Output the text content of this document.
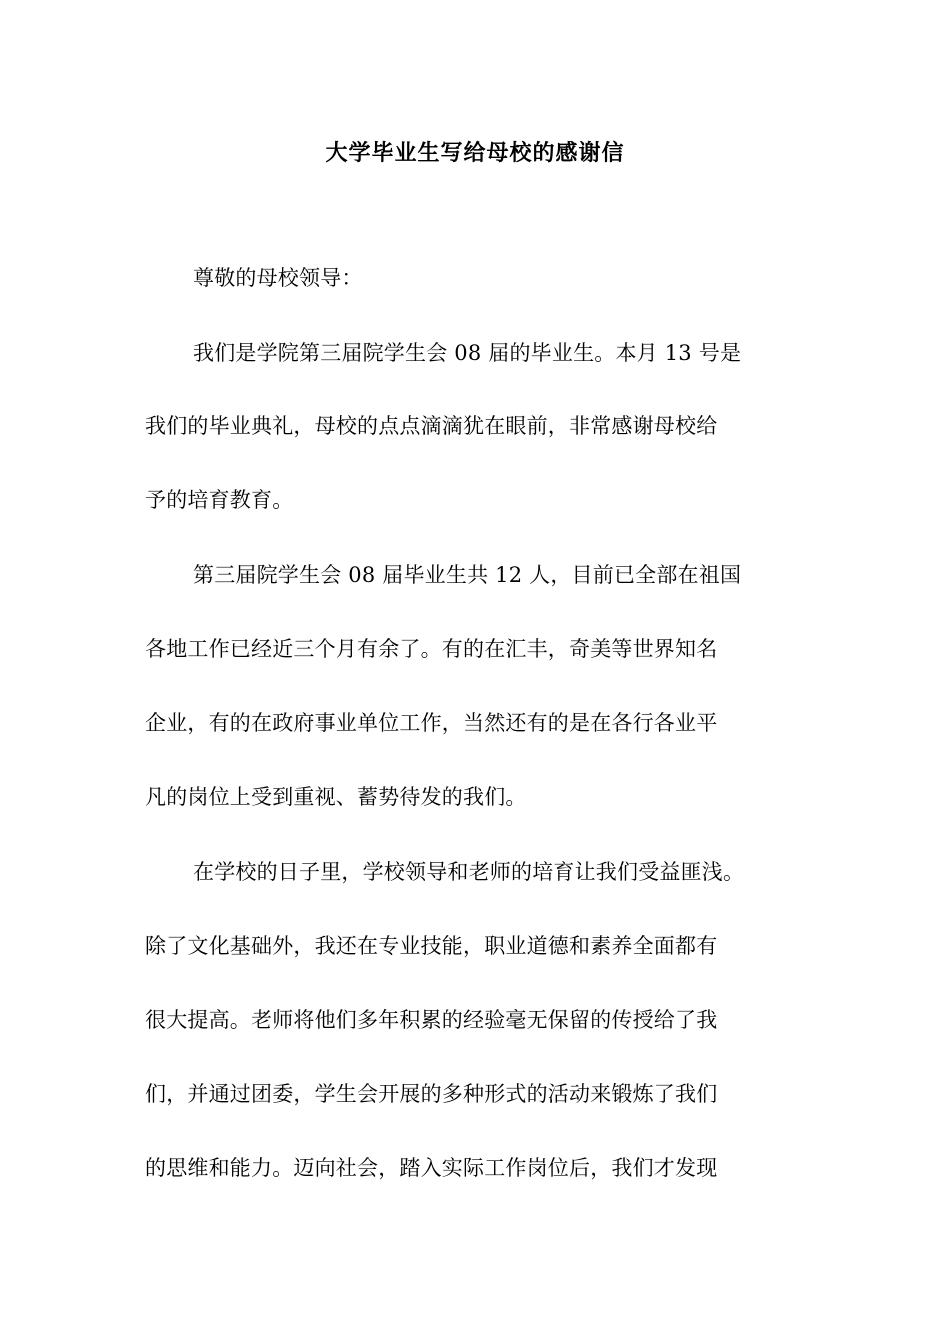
大学毕业生写给母校的感谢信
尊敬的母校领导：
我们是学院第三届院学生会 08 届的毕业生。本月 13 号是
我们的毕业典礼，母校的点点滴滴犹在眼前，非常感谢母校给
予的培育教育。
第三届院学生会 08 届毕业生共 12 人，目前已全部在祖国
各地工作已经近三个月有余了。有的在汇丰，奇美等世界知名
企业，有的在政府事业单位工作，当然还有的是在各行各业平
凡的岗位上受到重视、蓄势待发的我们。
在学校的日子里，学校领导和老师的培育让我们受益匪浅。
除了文化基础外，我还在专业技能，职业道德和素养全面都有
很大提高。老师将他们多年积累的经验毫无保留的传授给了我
们，并通过团委，学生会开展的多种形式的活动来锻炼了我们
的思维和能力。迈向社会，踏入实际工作岗位后，我们才发现
